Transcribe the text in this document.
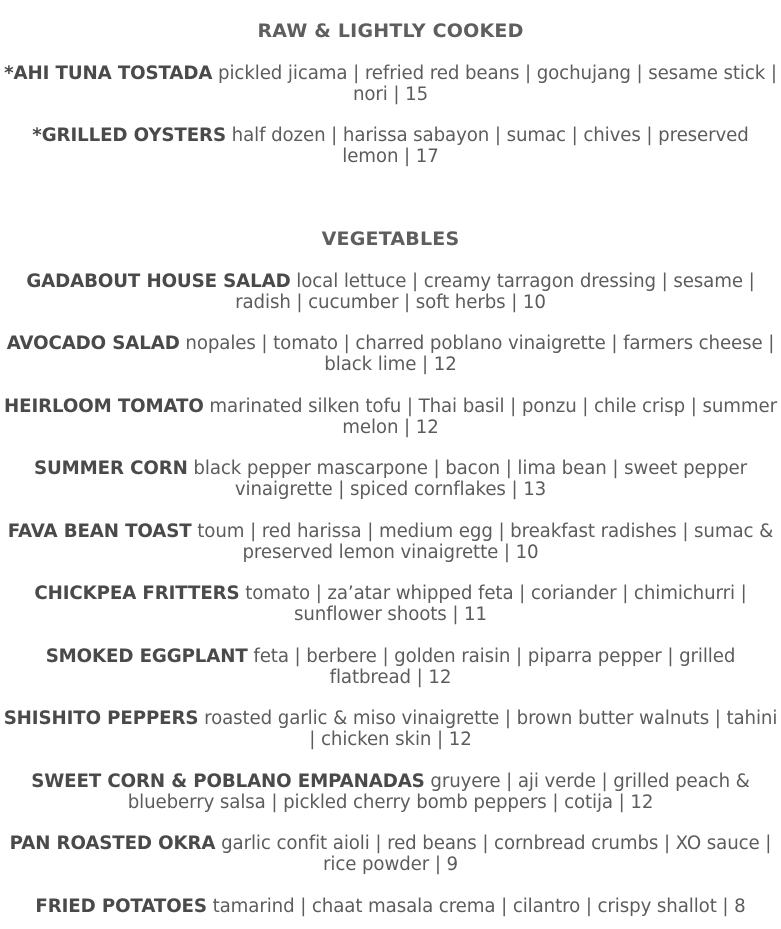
RAW & LIGHTLY COOKED

*AHI TUNA TOSTADA pickled jicama | refried red beans | gochujang | sesame stick | nori | 15

*GRILLED OYSTERS half dozen | harissa sabayon | sumac | chives | preserved lemon | 17

VEGETABLES

GADABOUT HOUSE SALAD local lettuce | creamy tarragon dressing | sesame | radish | cucumber | soft herbs | 10

AVOCADO SALAD nopales | tomato | charred poblano vinaigrette | farmers cheese | black lime | 12

HEIRLOOM TOMATO marinated silken tofu | Thai basil | ponzu | chile crisp | summer melon | 12

SUMMER CORN black pepper mascarpone | bacon | lima bean | sweet pepper vinaigrette | spiced cornflakes | 13

FAVA BEAN TOAST toum | red harissa | medium egg | breakfast radishes | sumac & preserved lemon vinaigrette | 10

CHICKPEA FRITTERS tomato | za’atar whipped feta | coriander | chimichurri | sunflower shoots | 11

SMOKED EGGPLANT feta | berbere | golden raisin | piparra pepper | grilled flatbread | 12

SHISHITO PEPPERS roasted garlic & miso vinaigrette | brown butter walnuts | tahini | chicken skin | 12

SWEET CORN & POBLANO EMPANADAS gruyere | aji verde | grilled peach & blueberry salsa | pickled cherry bomb peppers | cotija | 12

PAN ROASTED OKRA garlic confit aioli | red beans | cornbread crumbs | XO sauce | rice powder | 9

FRIED POTATOES tamarind | chaat masala crema | cilantro | crispy shallot | 8
